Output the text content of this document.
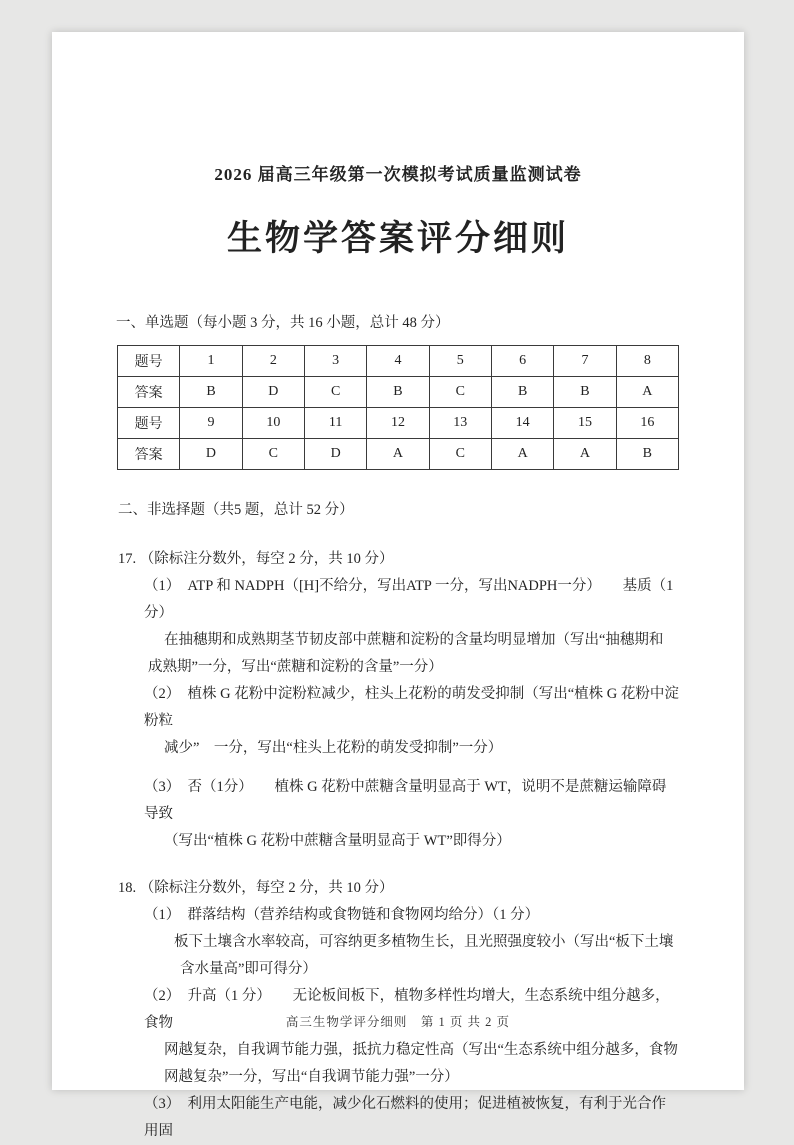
2026 届高三年级第一次模拟考试质量监测试卷
生物学答案评分细则
一、单选题（每小题 3 分，共 16 小题，总计 48 分）
题号	1	2	3	4	5	6	7	8
答案	B	D	C	B	C	B	B	A
题号	9	10	11	12	13	14	15	16
答案	D	C	D	A	C	A	A	B
二、非选择题（共5 题，总计 52 分）
17. （除标注分数外，每空 2 分，共 10 分）
（1）　ATP 和 NADPH（[H]不给分，写出ATP 一分，写出NADPH一分）　　基质（1 分）
在抽穗期和成熟期茎节韧皮部中蔗糖和淀粉的含量均明显增加（写出“抽穗期和
成熟期”一分，写出“蔗糖和淀粉的含量”一分）
（2）　植株 G 花粉中淀粉粒减少，柱头上花粉的萌发受抑制（写出“植株 G 花粉中淀粉粒
减少”　一分，写出“柱头上花粉的萌发受抑制”一分）
（3）　否（1分）　　植株 G 花粉中蔗糖含量明显高于 WT，说明不是蔗糖运输障碍导致
（写出“植株 G 花粉中蔗糖含量明显高于 WT”即得分）
18. （除标注分数外，每空 2 分，共 10 分）
（1）　群落结构（营养结构或食物链和食物网均给分）（1 分）
板下土壤含水率较高，可容纳更多植物生长，且光照强度较小（写出“板下土壤
含水量高”即可得分）
（2）　升高（1 分）　　无论板间板下，植物多样性均增大，生态系统中组分越多，食物
网越复杂，自我调节能力强，抵抗力稳定性高（写出“生态系统中组分越多，食物
网越复杂”一分，写出“自我调节能力强”一分）
（3）　利用太阳能生产电能，减少化石燃料的使用；促进植被恢复，有利于光合作用固
高三生物学评分细则　第 1 页 共 2 页
